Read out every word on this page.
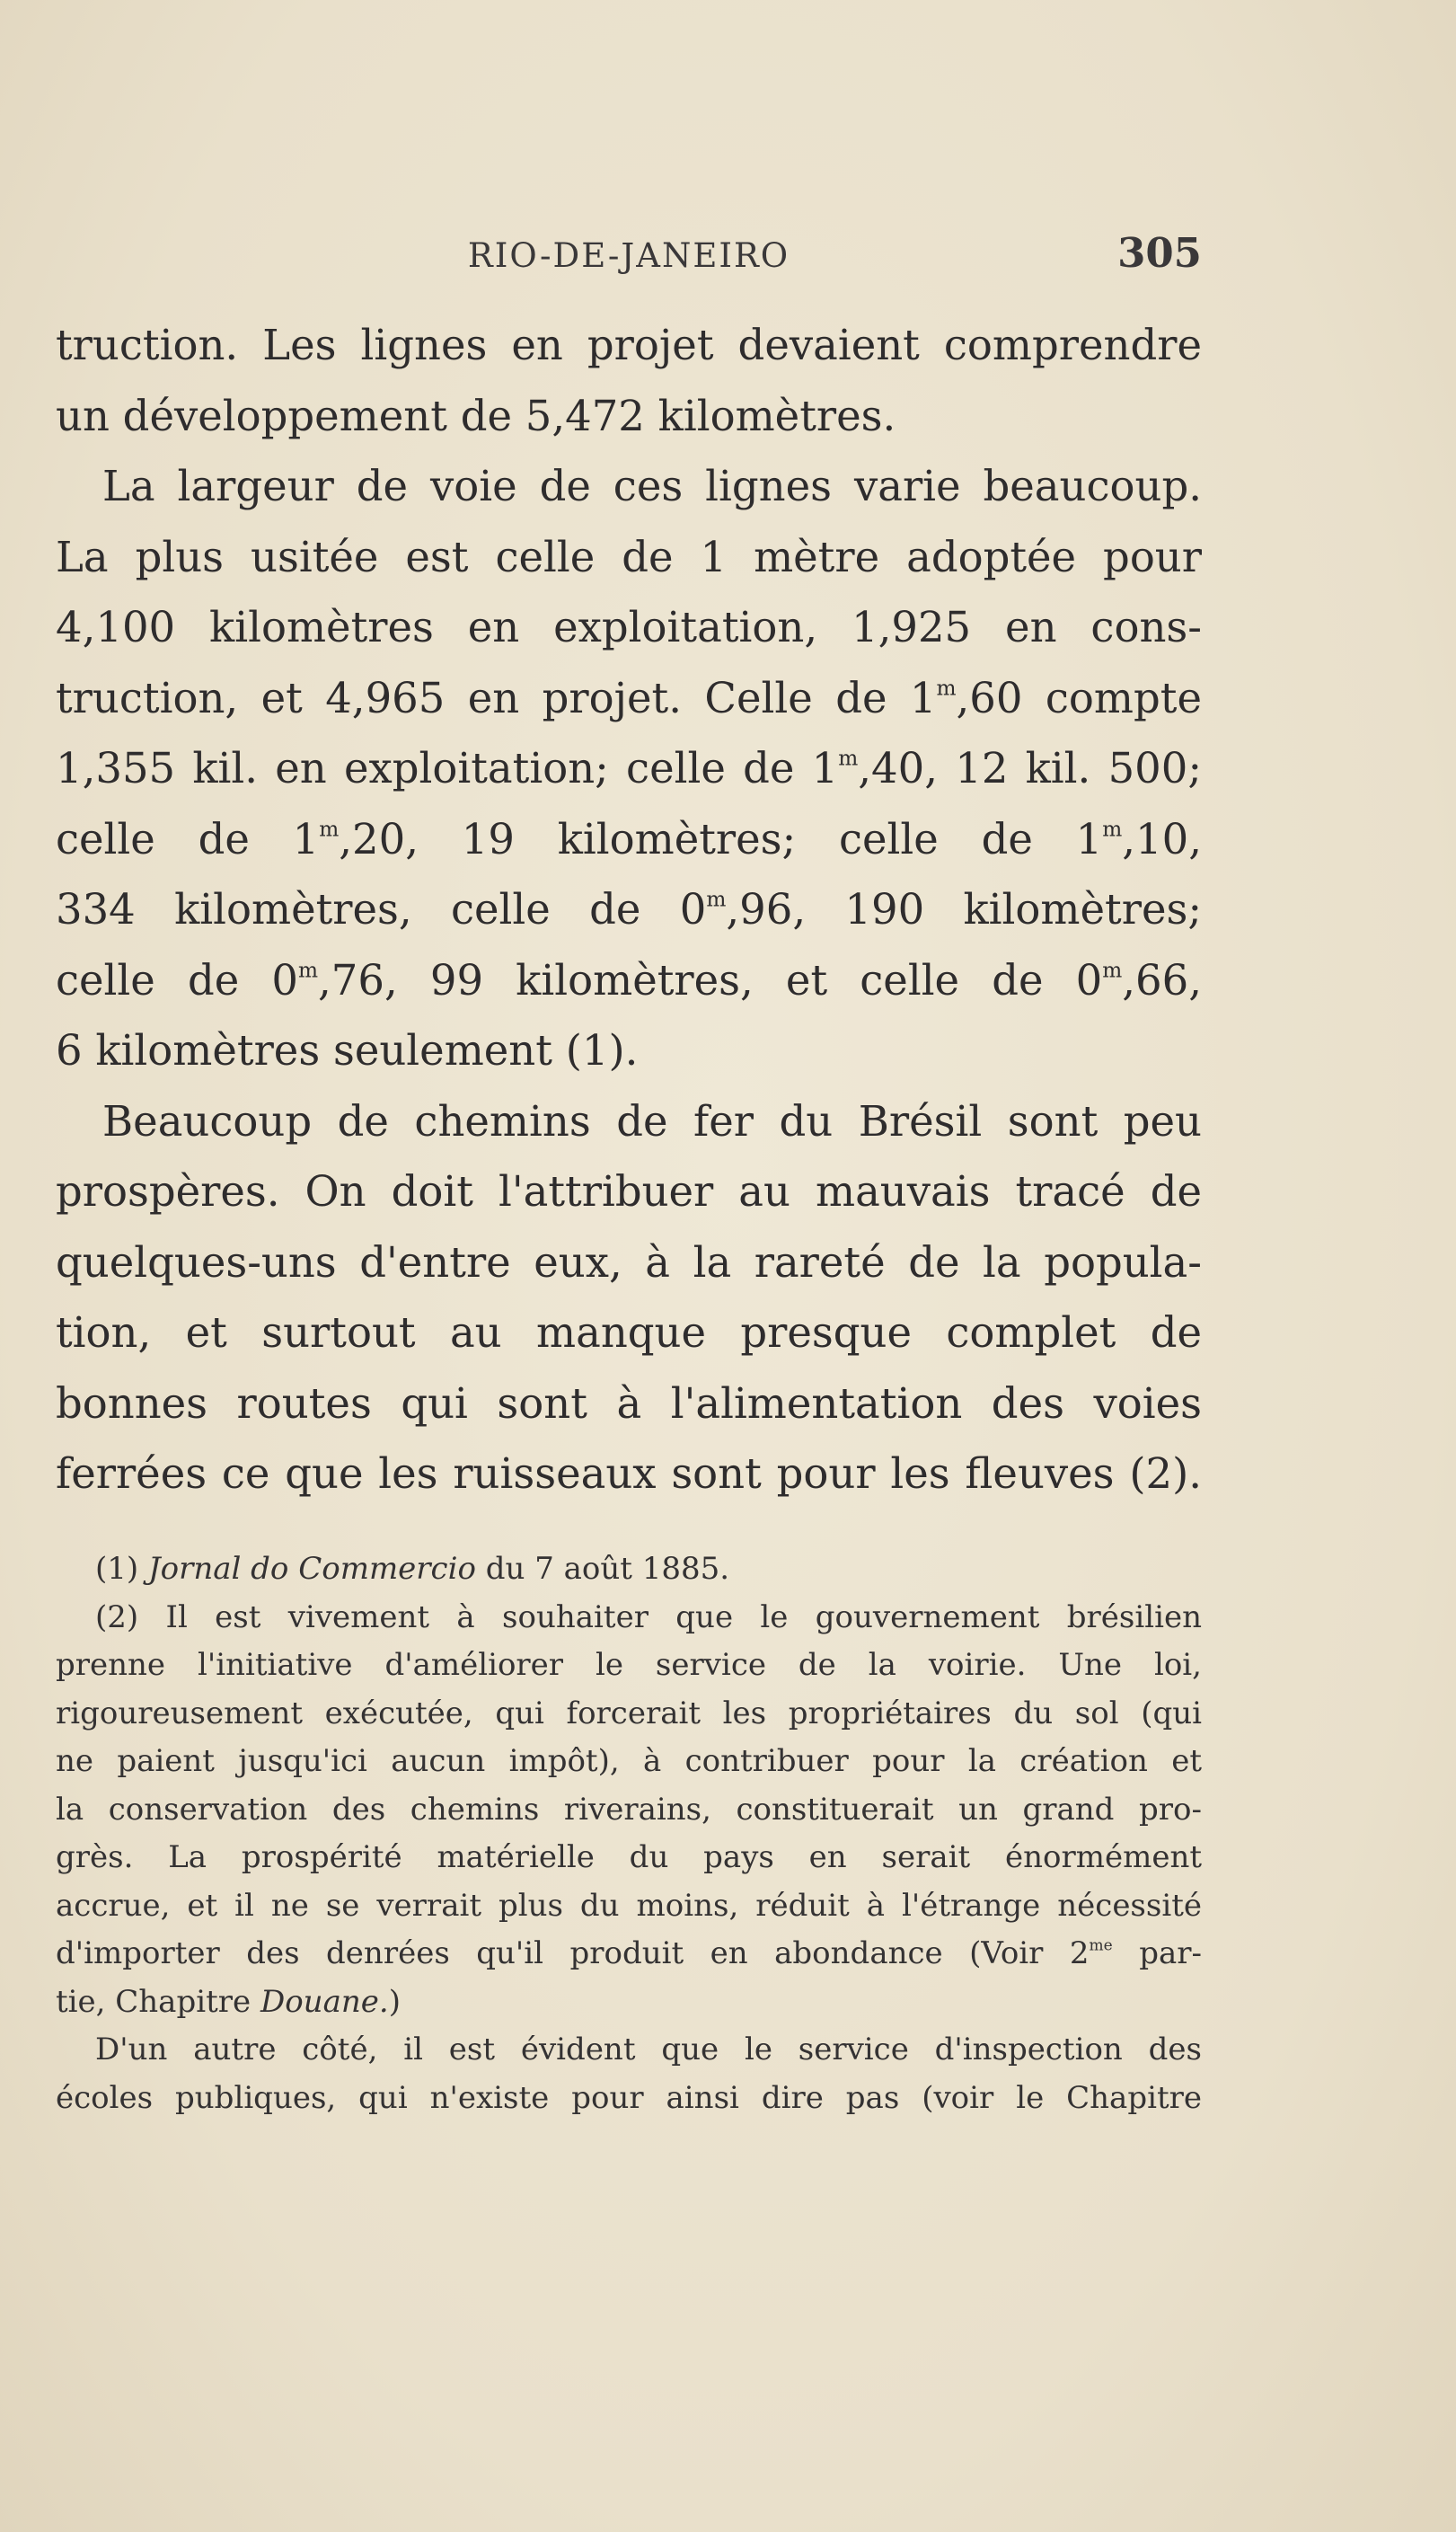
RIO-DE-JANEIRO	305
truction. Les lignes en projet devaient comprendre
un développement de 5,472 kilomètres.
La largeur de voie de ces lignes varie beaucoup.
La plus usitée est celle de 1 mètre adoptée pour
4,100 kilomètres en exploitation, 1,925 en cons-
truction, et 4,965 en projet. Celle de 1$^m$,60 compte
1,355 kil. en exploitation; celle de 1$^m$,40, 12 kil. 500;
celle de 1$^m$,20, 19 kilomètres; celle de 1$^m$,10,
334 kilomètres, celle de 0$^m$,96, 190 kilomètres;
celle de 0$^m$,76, 99 kilomètres, et celle de 0$^m$,66,
6 kilomètres seulement (1).
Beaucoup de chemins de fer du Brésil sont peu
prospères. On doit l'attribuer au mauvais tracé de
quelques-uns d'entre eux, à la rareté de la popula-
tion, et surtout au manque presque complet de
bonnes routes qui sont à l'alimentation des voies
ferrées ce que les ruisseaux sont pour les fleuves (2).
(1) Jornal do Commercio du 7 août 1885.
(2) Il est vivement à souhaiter que le gouvernement brésilien
prenne l'initiative d'améliorer le service de la voirie. Une loi,
rigoureusement exécutée, qui forcerait les propriétaires du sol (qui
ne paient jusqu'ici aucun impôt), à contribuer pour la création et
la conservation des chemins riverains, constituerait un grand pro-
grès. La prospérité matérielle du pays en serait énormément
accrue, et il ne se verrait plus du moins, réduit à l'étrange nécessité
d'importer des denrées qu'il produit en abondance (Voir $2^{me}$ par-
tie, Chapitre Douane.)
D'un autre côté, il est évident que le service d'inspection des
écoles publiques, qui n'existe pour ainsi dire pas (voir le Chapitre
